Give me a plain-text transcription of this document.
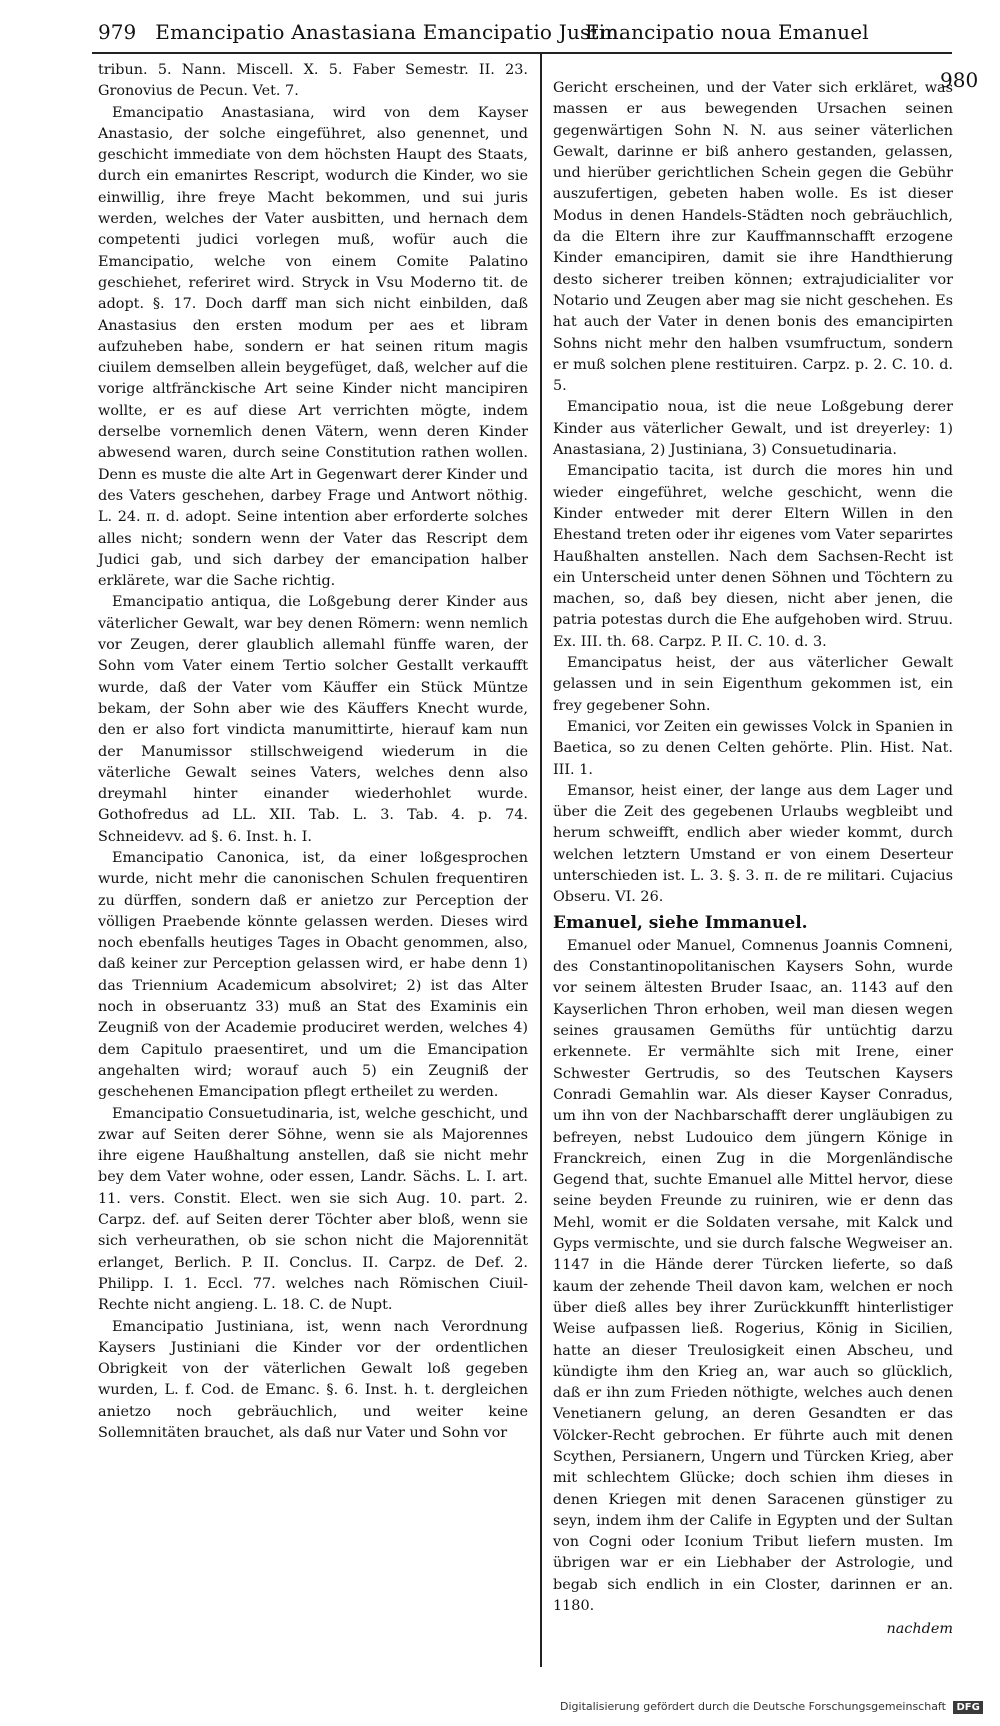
979 Emancipatio Anastasiana Emancipatio Justin.
Emancipatio noua Emanuel
980

tribun. 5. Nann. Miscell. X. 5. Faber Semestr. II. 23. Gronovius de Pecun. Vet. 7.

Emancipatio Anastasiana, wird von dem Kayser Anastasio, der solche eingeführet, also genennet, und geschicht immediate von dem höchsten Haupt des Staats, durch ein emanirtes Rescript, wodurch die Kinder, wo sie einwillig, ihre freye Macht bekommen, und sui juris werden, welches der Vater ausbitten, und hernach dem competenti judici vorlegen muß, wofür auch die Emancipatio, welche von einem Comite Palatino geschiehet, referiret wird. Stryck in Vsu Moderno tit. de adopt. §. 17. Doch darff man sich nicht einbilden, daß Anastasius den ersten modum per aes et libram aufzuheben habe, sondern er hat seinen ritum magis ciuilem demselben allein beygefüget, daß, welcher auf die vorige altfränckische Art seine Kinder nicht mancipiren wollte, er es auf diese Art verrichten mögte, indem derselbe vornemlich denen Vätern, wenn deren Kinder abwesend waren, durch seine Constitution rathen wollen. Denn es muste die alte Art in Gegenwart derer Kinder und des Vaters geschehen, darbey Frage und Antwort nöthig. L. 24. π. d. adopt. Seine intention aber erforderte solches alles nicht; sondern wenn der Vater das Rescript dem Judici gab, und sich darbey der emancipation halber erklärete, war die Sache richtig.

Emancipatio antiqua, die Loßgebung derer Kinder aus väterlicher Gewalt, war bey denen Römern: wenn nemlich vor Zeugen, derer glaublich allemahl fünffe waren, der Sohn vom Vater einem Tertio solcher Gestallt verkaufft wurde, daß der Vater vom Käuffer ein Stück Müntze bekam, der Sohn aber wie des Käuffers Knecht wurde, den er also fort vindicta manumittirte, hierauf kam nun der Manumissor stillschweigend wiederum in die väterliche Gewalt seines Vaters, welches denn also dreymahl hinter einander wiederhohlet wurde. Gothofredus ad LL. XII. Tab. L. 3. Tab. 4. p. 74. Schneidevv. ad §. 6. Inst. h. I.

Emancipatio Canonica, ist, da einer loßgesprochen wurde, nicht mehr die canonischen Schulen frequentiren zu dürffen, sondern daß er anietzo zur Perception der völligen Praebende könnte gelassen werden. Dieses wird noch ebenfalls heutiges Tages in Obacht genommen, also, daß keiner zur Perception gelassen wird, er habe denn 1) das Triennium Academicum absolviret; 2) ist das Alter noch in obseruantz 33) muß an Stat des Examinis ein Zeugniß von der Academie produciret werden, welches 4) dem Capitulo praesentiret, und um die Emancipation angehalten wird; worauf auch 5) ein Zeugniß der geschehenen Emancipation pflegt ertheilet zu werden.

Emancipatio Consuetudinaria, ist, welche geschicht, und zwar auf Seiten derer Söhne, wenn sie als Majorennes ihre eigene Haußhaltung anstellen, daß sie nicht mehr bey dem Vater wohne, oder essen, Landr. Sächs. L. I. art. 11. vers. Constit. Elect. wen sie sich Aug. 10. part. 2. Carpz. def. auf Seiten derer Töchter aber bloß, wenn sie sich verheurathen, ob sie schon nicht die Majorennität erlanget, Berlich. P. II. Conclus. II. Carpz. de Def. 2. Philipp. I. 1. Eccl. 77. welches nach Römischen Ciuil-Rechte nicht angieng. L. 18. C. de Nupt.

Emancipatio Justiniana, ist, wenn nach Verordnung Kaysers Justiniani die Kinder vor der ordentlichen Obrigkeit von der väterlichen Gewalt loß gegeben wurden, L. f. Cod. de Emanc. §. 6. Inst. h. t. dergleichen anietzo noch gebräuchlich, und weiter keine Sollemnitäten brauchet, als daß nur Vater und Sohn vor

Gericht erscheinen, und der Vater sich erkläret, was massen er aus bewegenden Ursachen seinen gegenwärtigen Sohn N. N. aus seiner väterlichen Gewalt, darinne er biß anhero gestanden, gelassen, und hierüber gerichtlichen Schein gegen die Gebühr auszufertigen, gebeten haben wolle. Es ist dieser Modus in denen Handels-Städten noch gebräuchlich, da die Eltern ihre zur Kauffmannschafft erzogene Kinder emancipiren, damit sie ihre Handthierung desto sicherer treiben können; extrajudicialiter vor Notario und Zeugen aber mag sie nicht geschehen. Es hat auch der Vater in denen bonis des emancipirten Sohns nicht mehr den halben vsumfructum, sondern er muß solchen plene restituiren. Carpz. p. 2. C. 10. d. 5.

Emancipatio noua, ist die neue Loßgebung derer Kinder aus väterlicher Gewalt, und ist dreyerley: 1) Anastasiana, 2) Justiniana, 3) Consuetudinaria.

Emancipatio tacita, ist durch die mores hin und wieder eingeführet, welche geschicht, wenn die Kinder entweder mit derer Eltern Willen in den Ehestand treten oder ihr eigenes vom Vater separirtes Haußhalten anstellen. Nach dem Sachsen-Recht ist ein Unterscheid unter denen Söhnen und Töchtern zu machen, so, daß bey diesen, nicht aber jenen, die patria potestas durch die Ehe aufgehoben wird. Struu. Ex. III. th. 68. Carpz. P. II. C. 10. d. 3.

Emancipatus heist, der aus väterlicher Gewalt gelassen und in sein Eigenthum gekommen ist, ein frey gegebener Sohn.

Emanici, vor Zeiten ein gewisses Volck in Spanien in Baetica, so zu denen Celten gehörte. Plin. Hist. Nat. III. 1.

Emansor, heist einer, der lange aus dem Lager und über die Zeit des gegebenen Urlaubs wegbleibt und herum schweifft, endlich aber wieder kommt, durch welchen letztern Umstand er von einem Deserteur unterschieden ist. L. 3. §. 3. π. de re militari. Cujacius Obseru. VI. 26.

Emanuel, siehe Immanuel.

Emanuel oder Manuel, Comnenus Joannis Comneni, des Constantinopolitanischen Kaysers Sohn, wurde vor seinem ältesten Bruder Isaac, an. 1143 auf den Kayserlichen Thron erhoben, weil man diesen wegen seines grausamen Gemüths für untüchtig darzu erkennete. Er vermählte sich mit Irene, einer Schwester Gertrudis, so des Teutschen Kaysers Conradi Gemahlin war. Als dieser Kayser Conradus, um ihn von der Nachbarschafft derer ungläubigen zu befreyen, nebst Ludouico dem jüngern Könige in Franckreich, einen Zug in die Morgenländische Gegend that, suchte Emanuel alle Mittel hervor, diese seine beyden Freunde zu ruiniren, wie er denn das Mehl, womit er die Soldaten versahe, mit Kalck und Gyps vermischte, und sie durch falsche Wegweiser an. 1147 in die Hände derer Türcken lieferte, so daß kaum der zehende Theil davon kam, welchen er noch über dieß alles bey ihrer Zurückkunfft hinterlistiger Weise aufpassen ließ. Rogerius, König in Sicilien, hatte an dieser Treulosigkeit einen Abscheu, und kündigte ihm den Krieg an, war auch so glücklich, daß er ihn zum Frieden nöthigte, welches auch denen Venetianern gelung, an deren Gesandten er das Völcker-Recht gebrochen. Er führte auch mit denen Scythen, Persianern, Ungern und Türcken Krieg, aber mit schlechtem Glücke; doch schien ihm dieses in denen Kriegen mit denen Saracenen günstiger zu seyn, indem ihm der Calife in Egypten und der Sultan von Cogni oder Iconium Tribut liefern musten. Im übrigen war er ein Liebhaber der Astrologie, und begab sich endlich in ein Closter, darinnen er an. 1180.

nachdem

Digitalisierung gefördert durch die Deutsche Forschungsgemeinschaft DFG
